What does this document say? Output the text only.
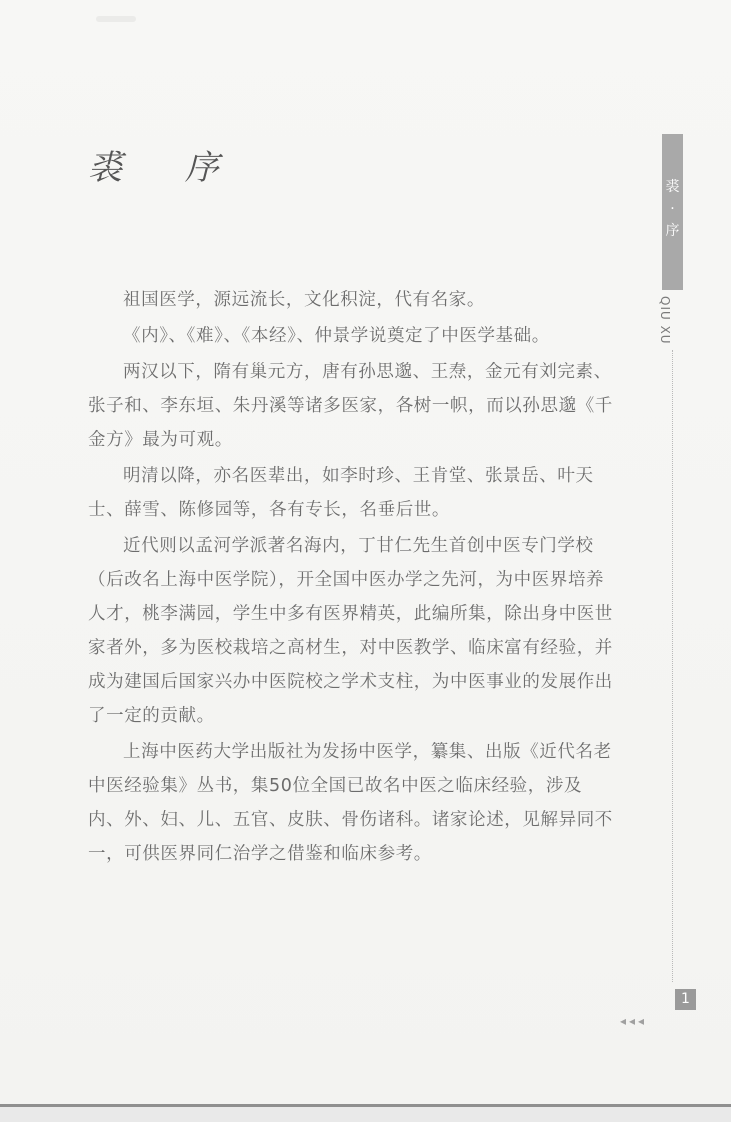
裘 序

祖国医学，源远流长，文化积淀，代有名家。

《内》、《难》、《本经》、仲景学说奠定了中医学基础。

两汉以下，隋有巢元方，唐有孙思邈、王焘，金元有刘完素、张子和、李东垣、朱丹溪等诸多医家，各树一帜，而以孙思邈《千金方》最为可观。

明清以降，亦名医辈出，如李时珍、王肯堂、张景岳、叶天士、薛雪、陈修园等，各有专长，名垂后世。

近代则以孟河学派著名海内，丁甘仁先生首创中医专门学校（后改名上海中医学院），开全国中医办学之先河，为中医界培养人才，桃李满园，学生中多有医界精英，此编所集，除出身中医世家者外，多为医校栽培之高材生，对中医教学、临床富有经验，并成为建国后国家兴办中医院校之学术支柱，为中医事业的发展作出了一定的贡献。

上海中医药大学出版社为发扬中医学，纂集、出版《近代名老中医经验集》丛书，集50位全国已故名中医之临床经验，涉及内、外、妇、儿、五官、皮肤、骨伤诸科。诸家论述，见解异同不一，可供医界同仁治学之借鉴和临床参考。

裘
·
序
QIU XU
1
◂◂◂
